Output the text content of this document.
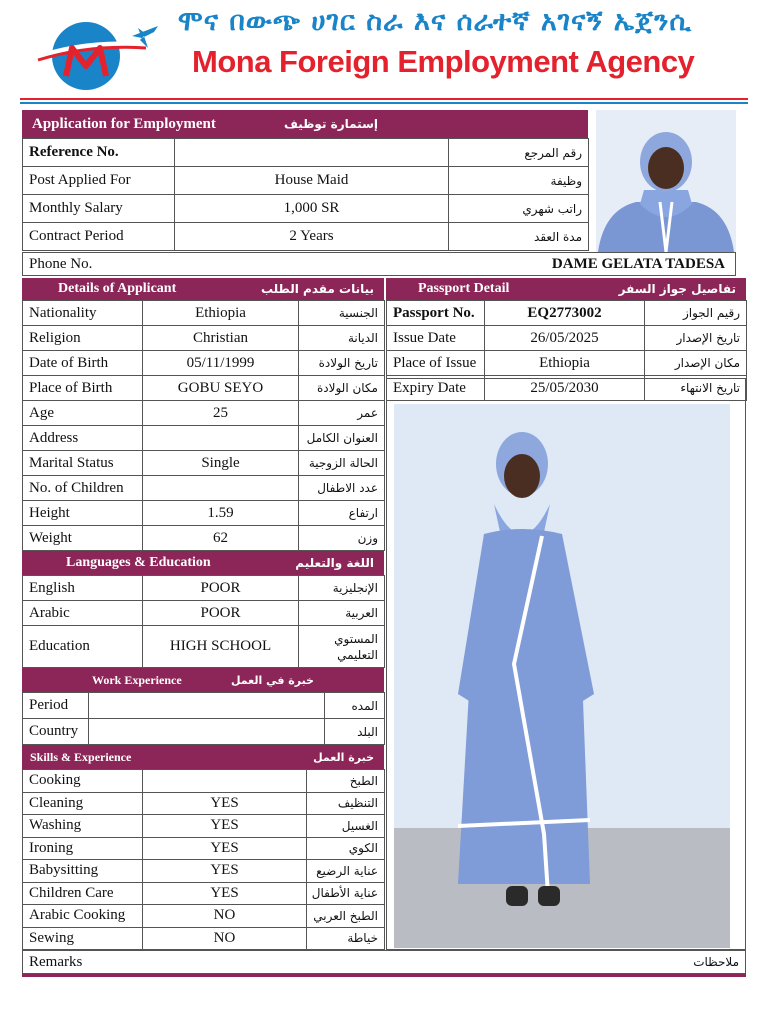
ሞና በውጭ ሀገር ስራ እና ሰራተኛ አገናኝ ኤጀንሲ
Mona Foreign Employment Agency
Application for Employment	إستمارة توظيف
Reference No.		رقم المرجع
Post Applied For	House Maid	وظيفة
Monthly Salary	1,000 SR	راتب شهري
Contract Period	2 Years	مدة العقد
Phone No.	DAME GELATA TADESA
Details of Applicant	بيانات مقدم الطلب
Nationality	Ethiopia	الجنسية
Religion	Christian	الديانة
Date of Birth	05/11/1999	تاريخ الولادة
Place of Birth	GOBU SEYO	مكان الولادة
Age	25	عمر
Address		العنوان الكامل
Marital Status	Single	الحالة الزوجية
No. of Children		عدد الاطفال
Height	1.59	ارتفاع
Weight	62	وزن
Languages & Education	اللغة والتعليم
English	POOR	الإنجليزية
Arabic	POOR	العربية
Education	HIGH SCHOOL	المستوي التعليمي
Work Experience	خبرة في العمل
Period		المده
Country		البلد
Skills & Experience	خبرة العمل
Cooking		الطبخ
Cleaning	YES	التنظيف
Washing	YES	الغسيل
Ironing	YES	الكوي
Babysitting	YES	عناية الرضيع
Children Care	YES	عناية الأطفال
Arabic Cooking	NO	الطبخ العربي
Sewing	NO	خياطة
Passport Detail	تفاصيل جواز السفر
Passport No.	EQ2773002	رقيم الجواز
Issue Date	26/05/2025	تاريخ الإصدار
Place of Issue	Ethiopia	مكان الإصدار
Expiry Date	25/05/2030	تاريخ الانتهاء
Remarks	ملاحظات
